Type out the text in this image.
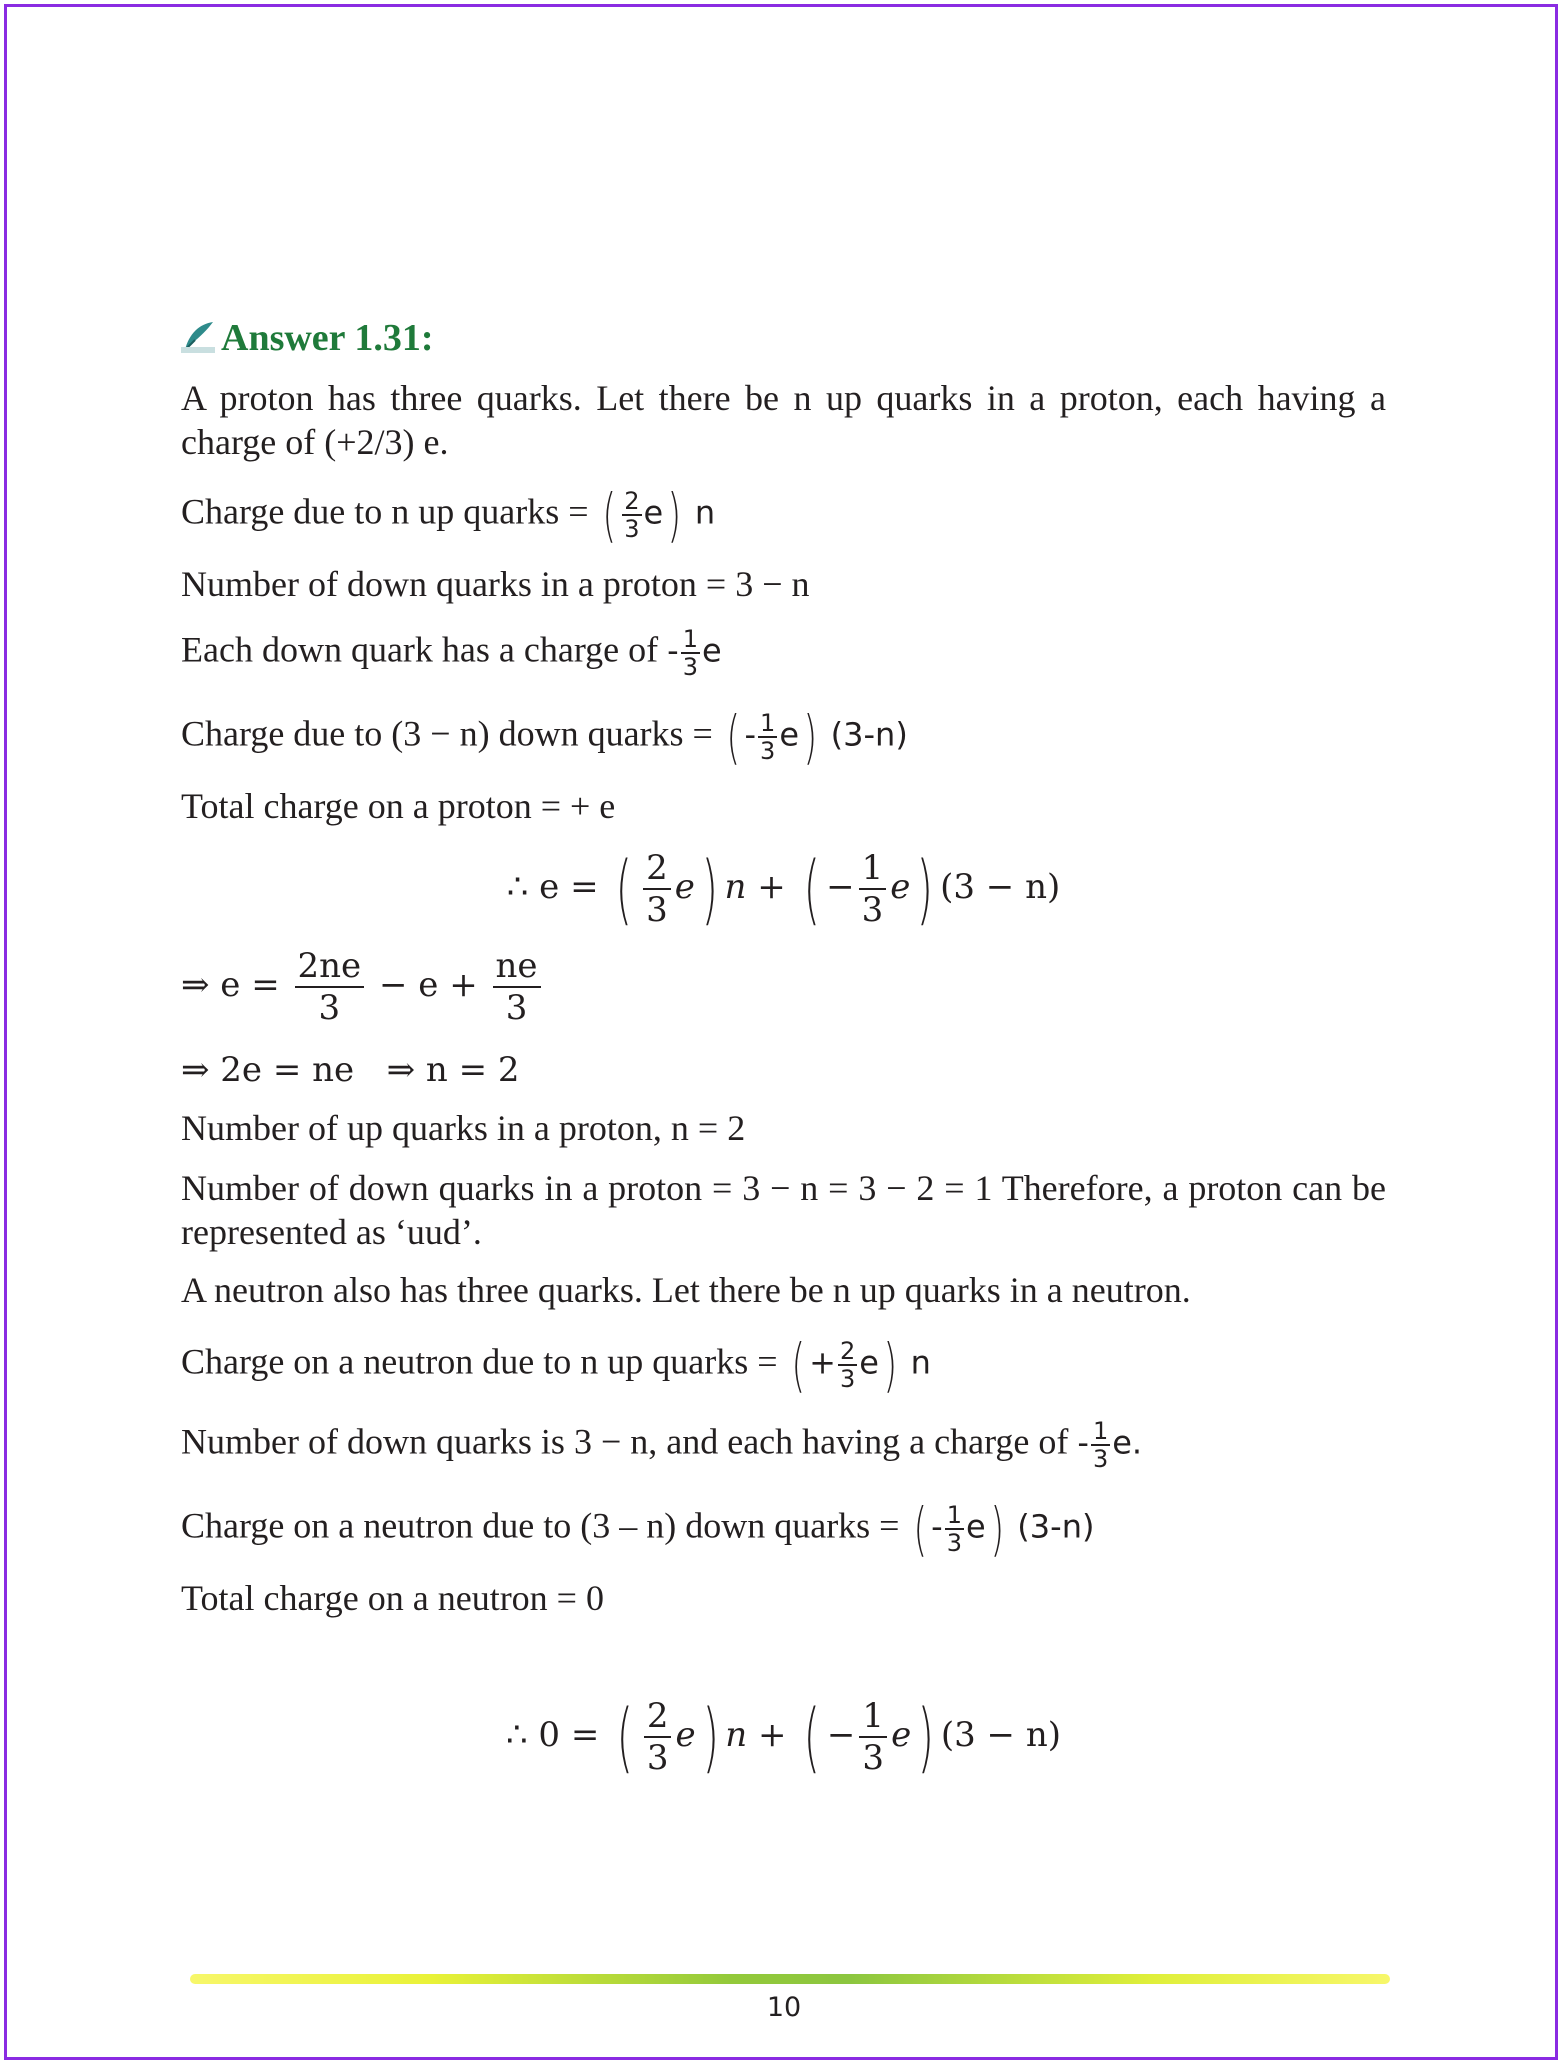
Answer 1.31:
A proton has three quarks. Let there be n up quarks in a proton, each having a charge of (+2/3) e.
Charge due to n up quarks = ( $\frac{2}{3} e$) n
Number of down quarks in a proton = 3 − n
Each down quark has a charge of - $\frac{1}{3}$ e
Charge due to (3 − n) down quarks = ( - $\frac{1}{3} e$) (3-n)
Total charge on a proton = + e
∴ e = ( $\frac{2}{3} e$) n + ( − $\frac{1}{3} e$) (3 − n)
⇒ $e = \frac{2ne}{3} - e + \frac{ne}{3}$
⇒ 2e = ne   ⇒ n = 2
Number of up quarks in a proton, n = 2
Number of down quarks in a proton = 3 − n = 3 − 2 = 1 Therefore, a proton can be represented as ‘uud’.
A neutron also has three quarks. Let there be n up quarks in a neutron.
Charge on a neutron due to n up quarks = ( + $\frac{2}{3} e$) n
Number of down quarks is 3 − n, and each having a charge of - $\frac{1}{3} e$.
Charge on a neutron due to (3 – n) down quarks = ( - $\frac{1}{3} e$) (3-n)
Total charge on a neutron = 0
∴ 0 = ( $\frac{2}{3} e$) n + ( − $\frac{1}{3} e$) (3 − n)
10
